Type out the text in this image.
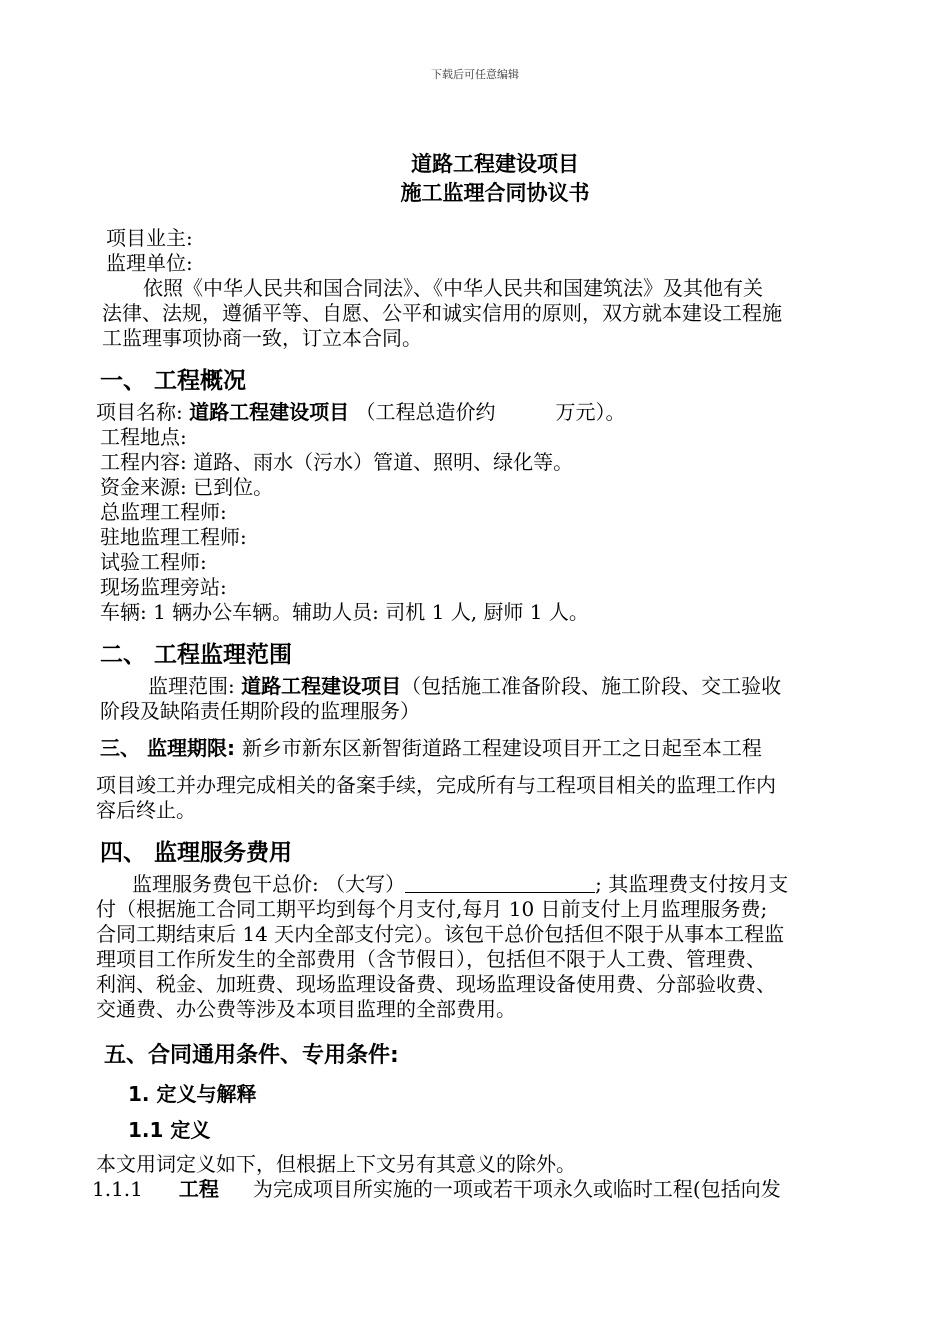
下载后可任意编辑
道路工程建设项目
施工监理合同协议书
项目业主:
监理单位:
依照《中华人民共和国合同法》、《中华人民共和国建筑法》及其他有关
法律、法规，遵循平等、自愿、公平和诚实信用的原则，双方就本建设工程施
工监理事项协商一致，订立本合同。
一、 工程概况
项目名称: 道路工程建设项目 （工程总造价约	万元）。
工程地点:
工程内容: 道路、雨水（污水）管道、照明、绿化等。
资金来源: 已到位。
总监理工程师:
驻地监理工程师:
试验工程师:
现场监理旁站:
车辆: 1 辆办公车辆。辅助人员: 司机 1 人, 厨师 1 人。
二、 工程监理范围
监理范围: 道路工程建设项目（包括施工准备阶段、施工阶段、交工验收
阶段及缺陷责任期阶段的监理服务）
三、 监理期限: 新乡市新东区新智街道路工程建设项目开工之日起至本工程
项目竣工并办理完成相关的备案手续，完成所有与工程项目相关的监理工作内
容后终止。
四、 监理服务费用
监理服务费包干总价: （大写）	; 其监理费支付按月支
付（根据施工合同工期平均到每个月支付,每月 10 日前支付上月监理服务费;
合同工期结束后 14 天内全部支付完）。该包干总价包括但不限于从事本工程监
理项目工作所发生的全部费用（含节假日），包括但不限于人工费、管理费、
利润、税金、加班费、现场监理设备费、现场监理设备使用费、分部验收费、
交通费、办公费等涉及本项目监理的全部费用。
五、合同通用条件、专用条件:
1. 定义与解释
1.1 定义
本文用词定义如下，但根据上下文另有其意义的除外。
1.1.1 工程 为完成项目所实施的一项或若干项永久或临时工程(包括向发
